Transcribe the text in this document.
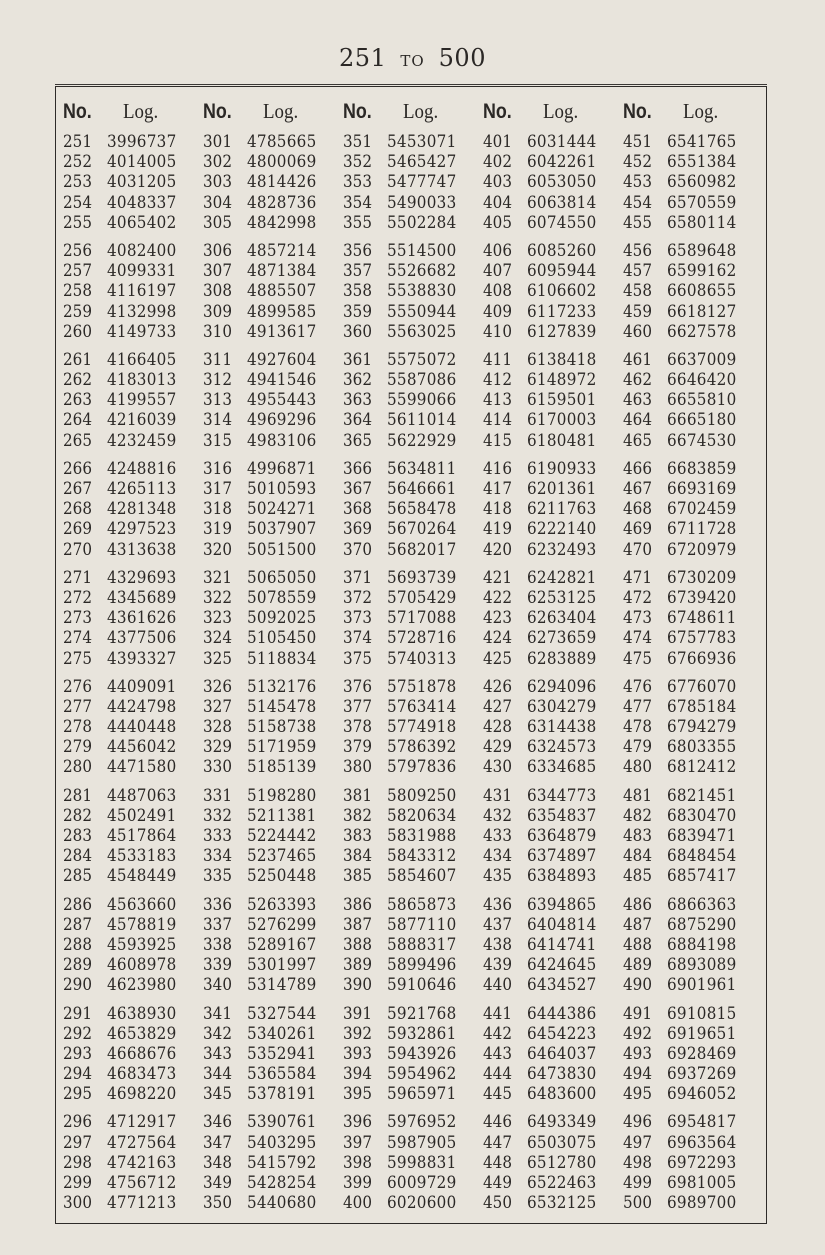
251 TO 500
No.	Log.
251 3996737
252 4014005
253 4031205
254 4048337
255 4065402
256 4082400
257 4099331
258 4116197
259 4132998
260 4149733
261 4166405
262 4183013
263 4199557
264 4216039
265 4232459
266 4248816
267 4265113
268 4281348
269 4297523
270 4313638
271 4329693
272 4345689
273 4361626
274 4377506
275 4393327
276 4409091
277 4424798
278 4440448
279 4456042
280 4471580
281 4487063
282 4502491
283 4517864
284 4533183
285 4548449
286 4563660
287 4578819
288 4593925
289 4608978
290 4623980
291 4638930
292 4653829
293 4668676
294 4683473
295 4698220
296 4712917
297 4727564
298 4742163
299 4756712
300 4771213
No.	Log.
301 4785665
302 4800069
303 4814426
304 4828736
305 4842998
306 4857214
307 4871384
308 4885507
309 4899585
310 4913617
311 4927604
312 4941546
313 4955443
314 4969296
315 4983106
316 4996871
317 5010593
318 5024271
319 5037907
320 5051500
321 5065050
322 5078559
323 5092025
324 5105450
325 5118834
326 5132176
327 5145478
328 5158738
329 5171959
330 5185139
331 5198280
332 5211381
333 5224442
334 5237465
335 5250448
336 5263393
337 5276299
338 5289167
339 5301997
340 5314789
341 5327544
342 5340261
343 5352941
344 5365584
345 5378191
346 5390761
347 5403295
348 5415792
349 5428254
350 5440680
No.	Log.
351 5453071
352 5465427
353 5477747
354 5490033
355 5502284
356 5514500
357 5526682
358 5538830
359 5550944
360 5563025
361 5575072
362 5587086
363 5599066
364 5611014
365 5622929
366 5634811
367 5646661
368 5658478
369 5670264
370 5682017
371 5693739
372 5705429
373 5717088
374 5728716
375 5740313
376 5751878
377 5763414
378 5774918
379 5786392
380 5797836
381 5809250
382 5820634
383 5831988
384 5843312
385 5854607
386 5865873
387 5877110
388 5888317
389 5899496
390 5910646
391 5921768
392 5932861
393 5943926
394 5954962
395 5965971
396 5976952
397 5987905
398 5998831
399 6009729
400 6020600
No.	Log.
401 6031444
402 6042261
403 6053050
404 6063814
405 6074550
406 6085260
407 6095944
408 6106602
409 6117233
410 6127839
411 6138418
412 6148972
413 6159501
414 6170003
415 6180481
416 6190933
417 6201361
418 6211763
419 6222140
420 6232493
421 6242821
422 6253125
423 6263404
424 6273659
425 6283889
426 6294096
427 6304279
428 6314438
429 6324573
430 6334685
431 6344773
432 6354837
433 6364879
434 6374897
435 6384893
436 6394865
437 6404814
438 6414741
439 6424645
440 6434527
441 6444386
442 6454223
443 6464037
444 6473830
445 6483600
446 6493349
447 6503075
448 6512780
449 6522463
450 6532125
No.	Log.
451 6541765
452 6551384
453 6560982
454 6570559
455 6580114
456 6589648
457 6599162
458 6608655
459 6618127
460 6627578
461 6637009
462 6646420
463 6655810
464 6665180
465 6674530
466 6683859
467 6693169
468 6702459
469 6711728
470 6720979
471 6730209
472 6739420
473 6748611
474 6757783
475 6766936
476 6776070
477 6785184
478 6794279
479 6803355
480 6812412
481 6821451
482 6830470
483 6839471
484 6848454
485 6857417
486 6866363
487 6875290
488 6884198
489 6893089
490 6901961
491 6910815
492 6919651
493 6928469
494 6937269
495 6946052
496 6954817
497 6963564
498 6972293
499 6981005
500 6989700
